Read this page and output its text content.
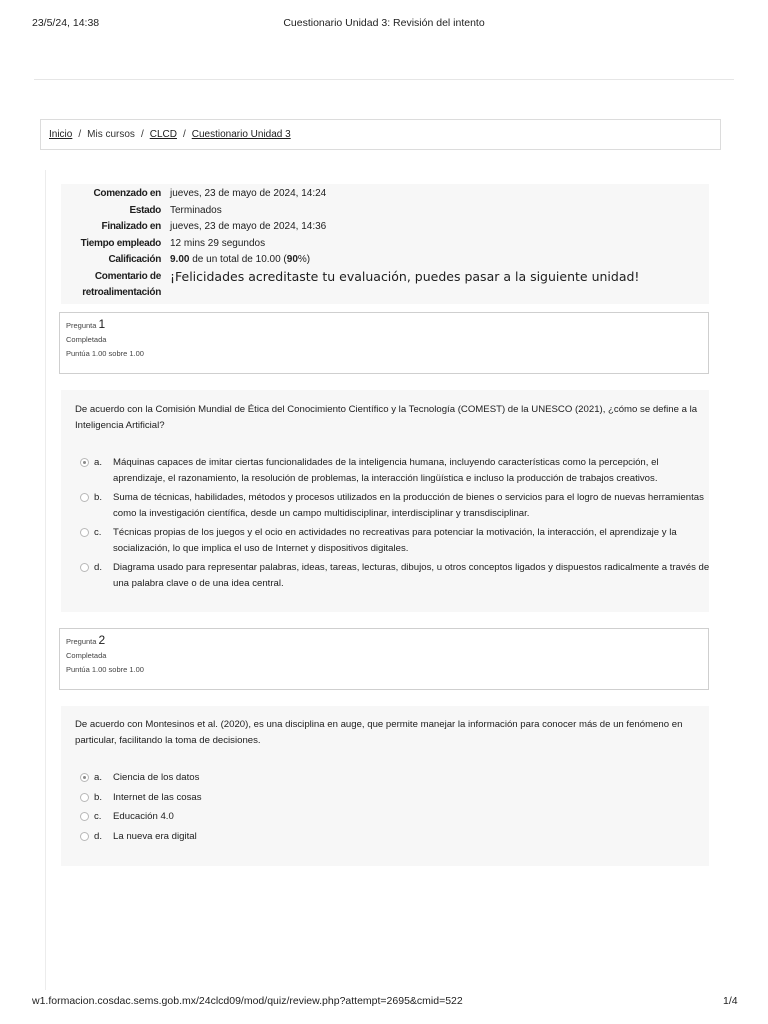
23/5/24, 14:38	Cuestionario Unidad 3: Revisión del intento
Inicio / Mis cursos / CLCD / Cuestionario Unidad 3
Comenzado en jueves, 23 de mayo de 2024, 14:24
Estado Terminados
Finalizado en jueves, 23 de mayo de 2024, 14:36
Tiempo empleado 12 mins 29 segundos
Calificación 9.00 de un total de 10.00 (90%)
Comentario de
retroalimentación
¡Felicidades acreditaste tu evaluación, puedes pasar a la siguiente unidad!
Pregunta 1
Completada
Puntúa 1.00 sobre 1.00
De acuerdo con la Comisión Mundial de Ética del Conocimiento Científico y la Tecnología (COMEST) de la UNESCO (2021), ¿cómo se define a la Inteligencia Artificial?
a.	Máquinas capaces de imitar ciertas funcionalidades de la inteligencia humana, incluyendo características como la percepción, el aprendizaje, el razonamiento, la resolución de problemas, la interacción lingüística e incluso la producción de trabajos creativos.
b.	Suma de técnicas, habilidades, métodos y procesos utilizados en la producción de bienes o servicios para el logro de nuevas herramientas como la investigación científica, desde un campo multidisciplinar, interdisciplinar y transdisciplinar.
c.	Técnicas propias de los juegos y el ocio en actividades no recreativas para potenciar la motivación, la interacción, el aprendizaje y la socialización, lo que implica el uso de Internet y dispositivos digitales.
d.	Diagrama usado para representar palabras, ideas, tareas, lecturas, dibujos, u otros conceptos ligados y dispuestos radicalmente a través de una palabra clave o de una idea central.
Pregunta 2
Completada
Puntúa 1.00 sobre 1.00
De acuerdo con Montesinos et al. (2020), es una disciplina en auge, que permite manejar la información para conocer más de un fenómeno en particular, facilitando la toma de decisiones.
a.	Ciencia de los datos
b.	Internet de las cosas
c.	Educación 4.0
d.	La nueva era digital
w1.formacion.cosdac.sems.gob.mx/24clcd09/mod/quiz/review.php?attempt=2695&cmid=522	1/4
